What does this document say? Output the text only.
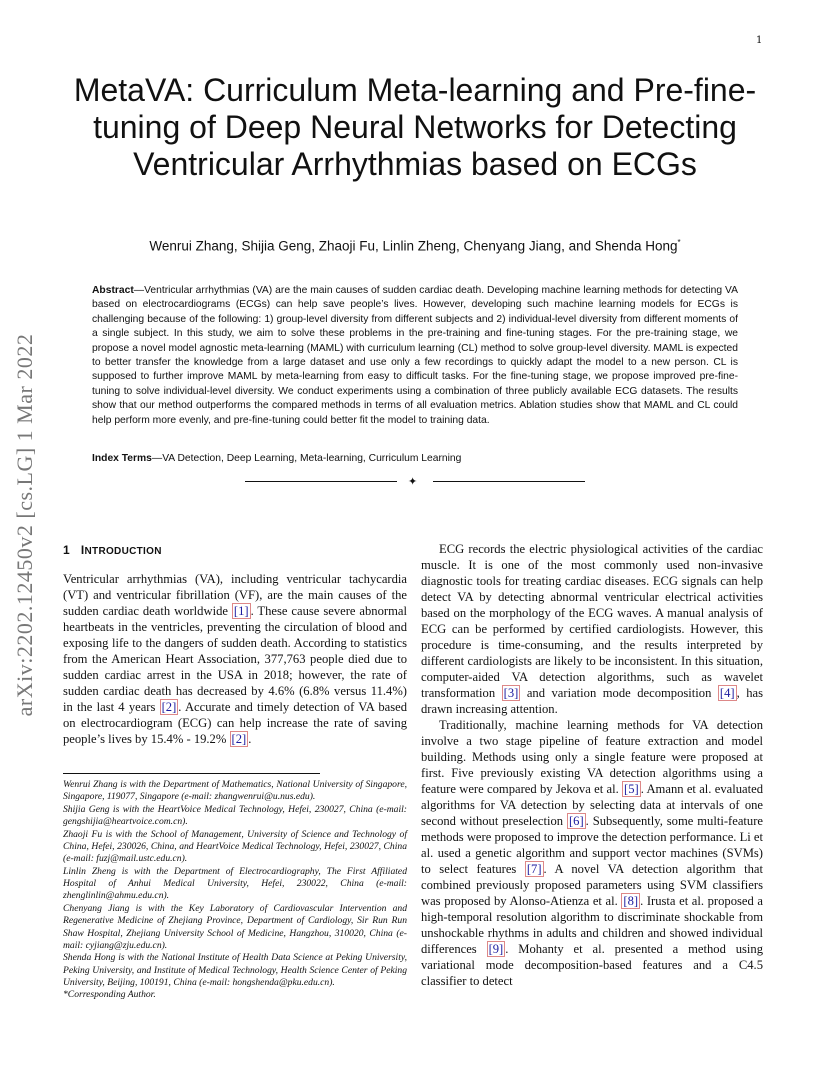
1
arXiv:2202.12450v2 [cs.LG] 1 Mar 2022
MetaVA: Curriculum Meta-learning and Pre-fine-tuning of Deep Neural Networks for Detecting Ventricular Arrhythmias based on ECGs
Wenrui Zhang, Shijia Geng, Zhaoji Fu, Linlin Zheng, Chenyang Jiang, and Shenda Hong*
Abstract—Ventricular arrhythmias (VA) are the main causes of sudden cardiac death. Developing machine learning methods for detecting VA based on electrocardiograms (ECGs) can help save people’s lives. However, developing such machine learning models for ECGs is challenging because of the following: 1) group-level diversity from different subjects and 2) individual-level diversity from different moments of a single subject. In this study, we aim to solve these problems in the pre-training and fine-tuning stages. For the pre-training stage, we propose a novel model agnostic meta-learning (MAML) with curriculum learning (CL) method to solve group-level diversity. MAML is expected to better transfer the knowledge from a large dataset and use only a few recordings to quickly adapt the model to a new person. CL is supposed to further improve MAML by meta-learning from easy to difficult tasks. For the fine-tuning stage, we propose improved pre-fine-tuning to solve individual-level diversity. We conduct experiments using a combination of three publicly available ECG datasets. The results show that our method outperforms the compared methods in terms of all evaluation metrics. Ablation studies show that MAML and CL could help perform more evenly, and pre-fine-tuning could better fit the model to training data.
Index Terms—VA Detection, Deep Learning, Meta-learning, Curriculum Learning
✦
1 INTRODUCTION

Ventricular arrhythmias (VA), including ventricular tachycardia (VT) and ventricular fibrillation (VF), are the main causes of the sudden cardiac death worldwide [1] . These cause severe abnormal heartbeats in the ventricles, preventing the circulation of blood and exposing life to the dangers of sudden death. According to statistics from the American Heart Association, 377,763 people died due to sudden cardiac arrest in the USA in 2018; however, the rate of sudden cardiac death has decreased by 4.6% (6.8% versus 11.4%) in the last 4 years [2] . Accurate and timely detection of VA based on electrocardiogram (ECG) can help increase the rate of saving people’s lives by 15.4% - 19.2% [2] .

Wenrui Zhang is with the Department of Mathematics, National University of Singapore, Singapore, 119077, Singapore (e-mail: zhangwenrui@u.nus.edu).

Shijia Geng is with the HeartVoice Medical Technology, Hefei, 230027, China (e-mail: gengshijia@heartvoice.com.cn).

Zhaoji Fu is with the School of Management, University of Science and Technology of China, Hefei, 230026, China, and HeartVoice Medical Technology, Hefei, 230027, China (e-mail: fuzj@mail.ustc.edu.cn).

Linlin Zheng is with the Department of Electrocardiography, The First Affiliated Hospital of Anhui Medical University, Hefei, 230022, China (e-mail: zhenglinlin@ahmu.edu.cn).

Chenyang Jiang is with the Key Laboratory of Cardiovascular Intervention and Regenerative Medicine of Zhejiang Province, Department of Cardiology, Sir Run Run Shaw Hospital, Zhejiang University School of Medicine, Hangzhou, 310020, China (e-mail: cyjiang@zju.edu.cn).

Shenda Hong is with the National Institute of Health Data Science at Peking University, Peking University, and Institute of Medical Technology, Health Science Center of Peking University, Beijing, 100191, China (e-mail: hongshenda@pku.edu.cn).

*Corresponding Author.

ECG records the electric physiological activities of the cardiac muscle. It is one of the most commonly used non-invasive diagnostic tools for treating cardiac diseases. ECG signals can help detect VA by detecting abnormal ventricular electrical activities based on the morphology of the ECG waves. A manual analysis of ECG can be performed by certified cardiologists. However, this procedure is time-consuming, and the results interpreted by different cardiologists are likely to be inconsistent. In this situation, computer-aided VA detection algorithms, such as wavelet transformation [3] and variation mode decomposition [4] , has drawn increasing attention.

Traditionally, machine learning methods for VA detection involve a two stage pipeline of feature extraction and model building. Methods using only a single feature were proposed at first. Five previously existing VA detection algorithms using a feature were compared by Jekova et al. [5] . Amann et al. evaluated algorithms for VA detection by selecting data at intervals of one second without preselection [6] . Subsequently, some multi-feature methods were proposed to improve the detection performance. Li et al. used a genetic algorithm and support vector machines (SVMs) to select features [7] . A novel VA detection algorithm that combined previously proposed parameters using SVM classifiers was proposed by Alonso-Atienza et al. [8] . Irusta et al. proposed a high-temporal resolution algorithm to discriminate shockable from unshockable rhythms in adults and children and showed individual differences [9] . Mohanty et al. presented a method using variational mode decomposition-based features and a C4.5 classifier to detect
